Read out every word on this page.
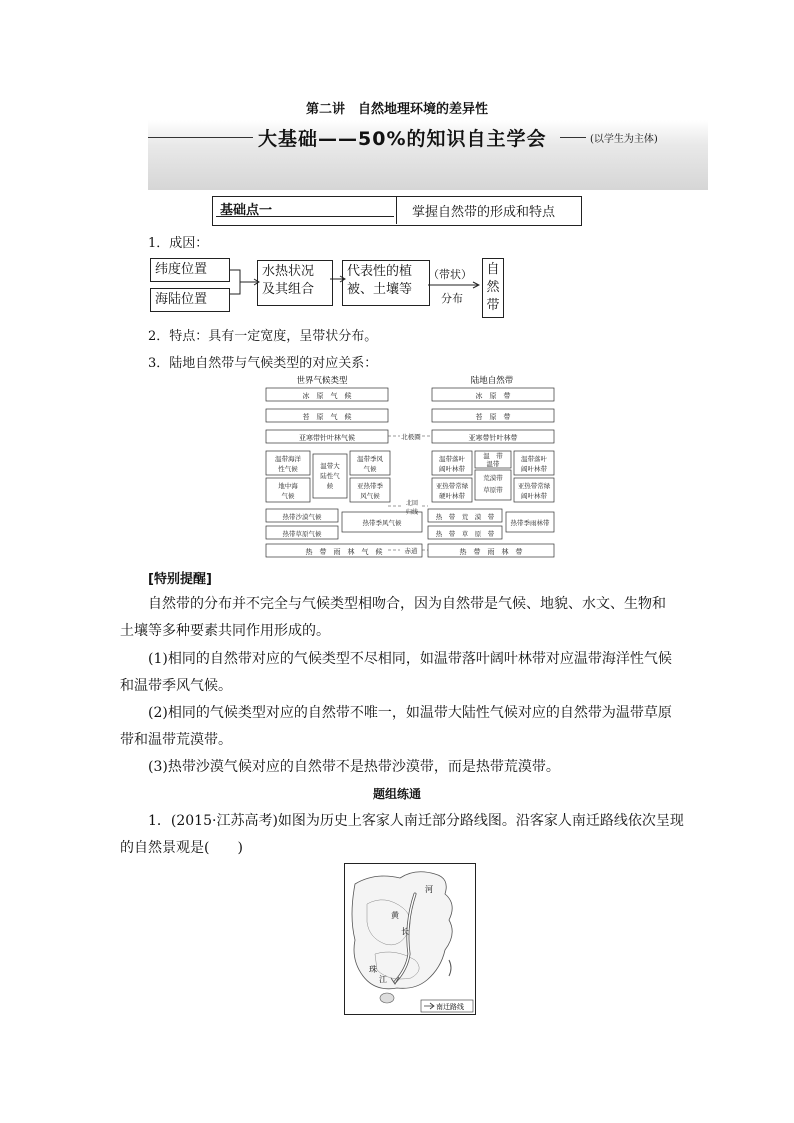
第二讲　自然地理环境的差异性
大基础——50%的知识自主学会	(以学生为主体)
基础点一	掌握自然带的形成和特点
1．成因：
纬度位置
海陆位置
水热状况
及其组合
代表性的植
被、土壤等
（带状）
分布
自
然
带
2．特点：具有一定宽度，呈带状分布。
3．陆地自然带与气候类型的对应关系：
世界气候类型	陆地自然带
冰　原　气　候
苔　原　气　候
亚寒带针叶林气候
冰　原　带
苔　原　带
亚寒带针叶林带
北极圈
温带海洋
性气候
地中海
气候
温带大
陆性气
候
温带季风
气候
亚热带季
风气候
温带落叶
阔叶林带
亚热带常绿
硬叶林带
温　带
温带
荒漠带
草原带
温带落叶
阔叶林带
亚热带常绿
阔叶林带
热带沙漠气候
热带草原气候
热带季风气候
北回
归线
热　带　荒　漠　带
热　带　草　原　带
热带季雨林带
热　带　雨　林　气　候	赤道	热　带　雨　林　带
[特别提醒]
自然带的分布并不完全与气候类型相吻合，因为自然带是气候、地貌、水文、生物和
土壤等多种要素共同作用形成的。
(1)相同的自然带对应的气候类型不尽相同，如温带落叶阔叶林带对应温带海洋性气候
和温带季风气候。
(2)相同的气候类型对应的自然带不唯一，如温带大陆性气候对应的自然带为温带草原
带和温带荒漠带。
(3)热带沙漠气候对应的自然带不是热带沙漠带，而是热带荒漠带。
题组练通
1．(2015·江苏高考)如图为历史上客家人南迁部分路线图。沿客家人南迁路线依次呈现
的自然景观是(　　)
河
黄
长
珠
江
南迁路线
